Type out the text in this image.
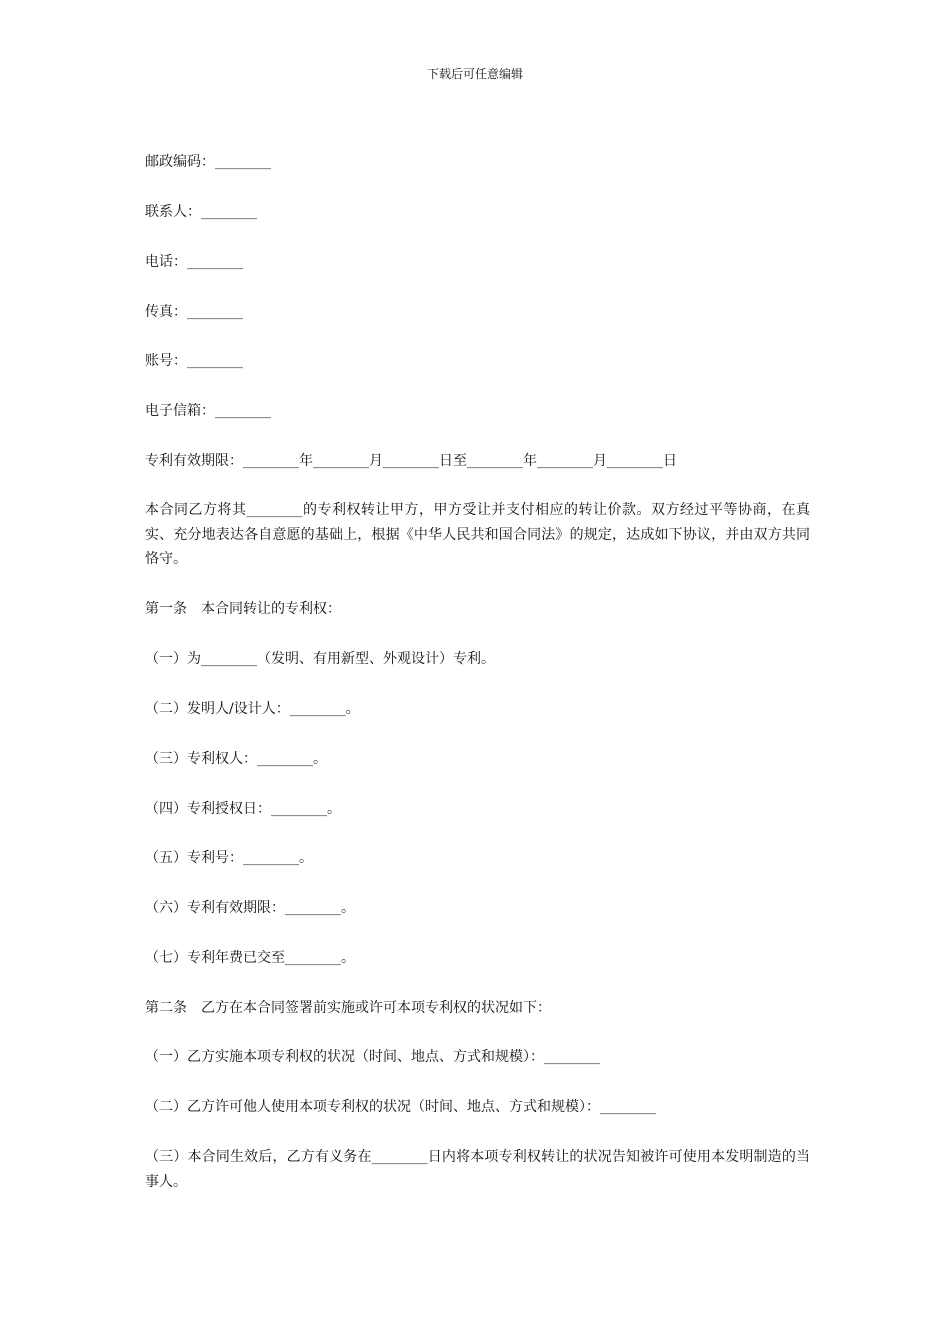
下载后可任意编辑
邮政编码：________
联系人：________
电话：________
传真：________
账号：________
电子信箱：________
专利有效期限：________年________月________日至________年________月________日
本合同乙方将其________的专利权转让甲方，甲方受让并支付相应的转让价款。双方经过平等协商，在真实、充分地表达各自意愿的基础上，根据《中华人民共和国合同法》的规定，达成如下协议，并由双方共同恪守。
第一条　本合同转让的专利权：
（一）为________（发明、有用新型、外观设计）专利。
（二）发明人/设计人：________。
（三）专利权人：________。
（四）专利授权日：________。
（五）专利号：________。
（六）专利有效期限：________。
（七）专利年费已交至________。
第二条　乙方在本合同签署前实施或许可本项专利权的状况如下：
（一）乙方实施本项专利权的状况（时间、地点、方式和规模）：________
（二）乙方许可他人使用本项专利权的状况（时间、地点、方式和规模）：________
（三）本合同生效后，乙方有义务在________日内将本项专利权转让的状况告知被许可使用本发明制造的当事人。
